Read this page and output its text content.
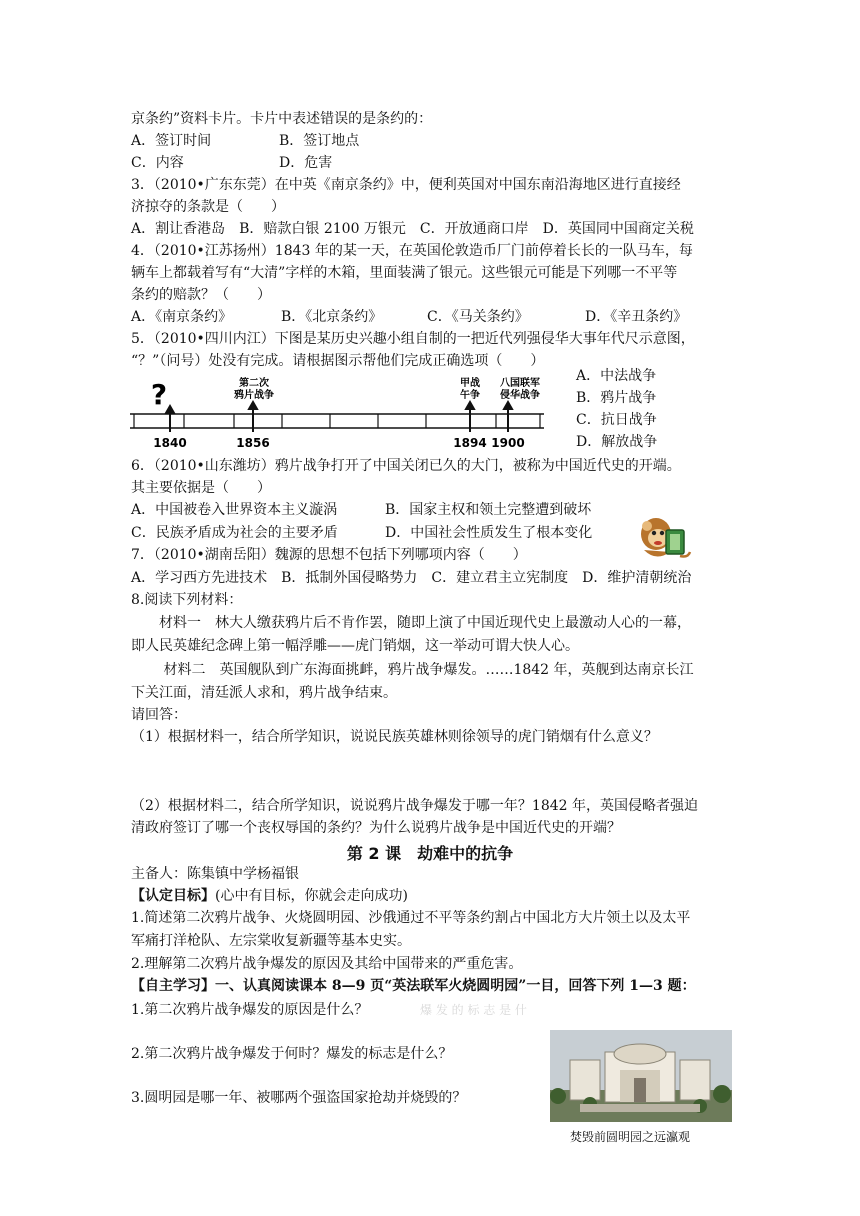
京条约”资料卡片。卡片中表述错误的是条约的：
A．签订时间	B．签订地点
C．内容	D．危害
3．（2010•广东东莞）在中英《南京条约》中，便利英国对中国东南沿海地区进行直接经
济掠夺的条款是（　　）
A．割让香港岛　B．赔款白银 2100 万银元　C．开放通商口岸　D．英国同中国商定关税
4．（2010•江苏扬州）1843 年的某一天，在英国伦敦造币厂门前停着长长的一队马车，每
辆车上都载着写有“大清”字样的木箱，里面装满了银元。这些银元可能是下列哪一不平等
条约的赔款？（　　）
A．《南京条约》	B．《北京条约》	C．《马关条约》	D．《辛丑条约》
5．（2010•四川内江）下图是某历史兴趣小组自制的一把近代列强侵华大事年代尺示意图，
“？”（问号）处没有完成。请根据图示帮他们完成正确选项（　　）
?	第二次
鸦片战争
甲战
午争
八国联军
侵华战争
1840	1856	1894 1900
A．中法战争
B．鸦片战争
C．抗日战争
D．解放战争
6．（2010•山东潍坊）鸦片战争打开了中国关闭已久的大门，被称为中国近代史的开端。
其主要依据是（　　）
A．中国被卷入世界资本主义漩涡	B．国家主权和领土完整遭到破坏
C．民族矛盾成为社会的主要矛盾	D．中国社会性质发生了根本变化
7．（2010•湖南岳阳）魏源的思想不包括下列哪项内容（　　）
A．学习西方先进技术　B．抵制外国侵略势力　C．建立君主立宪制度　D．维护清朝统治
8.阅读下列材料：
　　材料一　林大人缴获鸦片后不肯作罢，随即上演了中国近现代史上最激动人心的一幕，
即人民英雄纪念碑上第一幅浮雕——虎门销烟，这一举动可谓大快人心。
　　 材料二　英国舰队到广东海面挑衅，鸦片战争爆发。……1842 年，英舰到达南京长江
下关江面，清廷派人求和，鸦片战争结束。
请回答：
（1）根据材料一，结合所学知识，说说民族英雄林则徐领导的虎门销烟有什么意义？
（2）根据材料二，结合所学知识，说说鸦片战争爆发于哪一年？1842 年，英国侵略者强迫
清政府签订了哪一个丧权辱国的条约？为什么说鸦片战争是中国近代史的开端？
第 2 课　劫难中的抗争
主备人：陈集镇中学杨福银
【认定目标】(心中有目标，你就会走向成功)
1.简述第二次鸦片战争、火烧圆明园、沙俄通过不平等条约割占中国北方大片领土以及太平
军痛打洋枪队、左宗棠收复新疆等基本史实。
2.理解第二次鸦片战争爆发的原因及其给中国带来的严重危害。
【自主学习】一、认真阅读课本 8—9 页“英法联军火烧圆明园”一目，回答下列 1—3 题：
1.第二次鸦片战争爆发的原因是什么？	爆 发 的 标 志 是 什
2.第二次鸦片战争爆发于何时？爆发的标志是什么？
3.圆明园是哪一年、被哪两个强盗国家抢劫并烧毁的？
焚毁前圆明园之远瀛观
